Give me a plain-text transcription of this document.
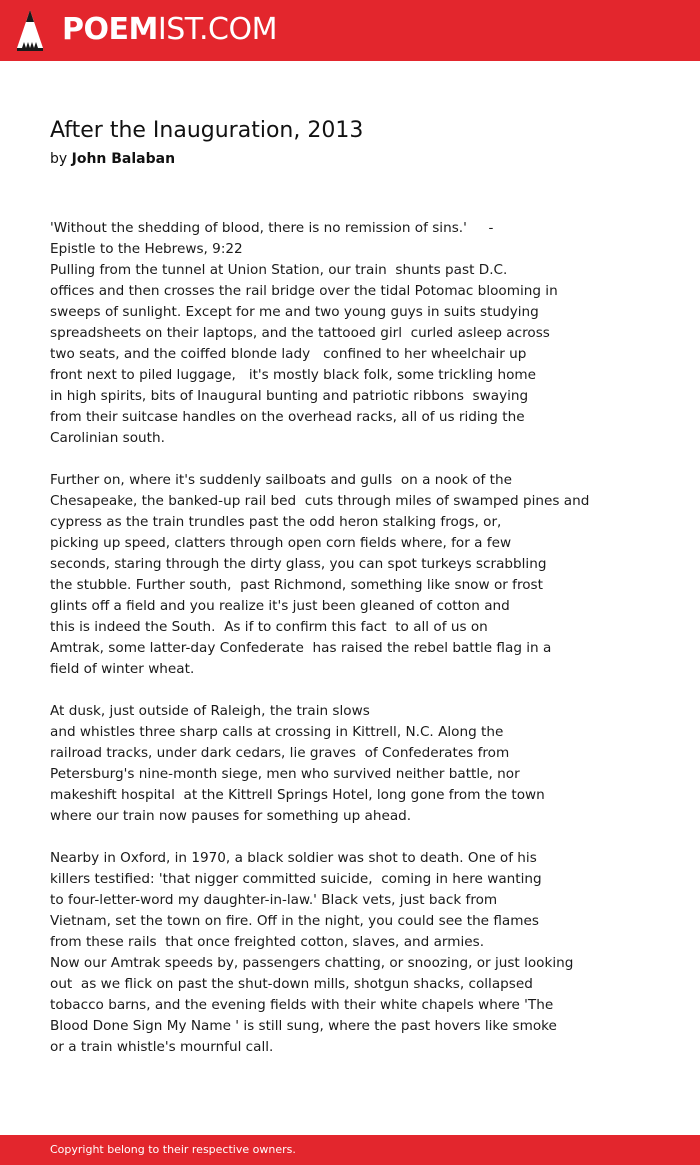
POEMIST.COM
After the Inauguration, 2013
by John Balaban
'Without the shedding of blood, there is no remission of sins.'     -
Epistle to the Hebrews, 9:22
Pulling from the tunnel at Union Station, our train  shunts past D.C.
offices and then crosses the rail bridge over the tidal Potomac blooming in
sweeps of sunlight. Except for me and two young guys in suits studying
spreadsheets on their laptops, and the tattooed girl  curled asleep across
two seats, and the coiffed blonde lady   confined to her wheelchair up
front next to piled luggage,   it's mostly black folk, some trickling home
in high spirits, bits of Inaugural bunting and patriotic ribbons  swaying
from their suitcase handles on the overhead racks, all of us riding the
Carolinian south.
Further on, where it's suddenly sailboats and gulls  on a nook of the
Chesapeake, the banked-up rail bed  cuts through miles of swamped pines and
cypress as the train trundles past the odd heron stalking frogs, or,
picking up speed, clatters through open corn fields where, for a few
seconds, staring through the dirty glass, you can spot turkeys scrabbling
the stubble. Further south,  past Richmond, something like snow or frost
glints off a field and you realize it's just been gleaned of cotton and
this is indeed the South.  As if to confirm this fact  to all of us on
Amtrak, some latter-day Confederate  has raised the rebel battle flag in a
field of winter wheat.
At dusk, just outside of Raleigh, the train slows
and whistles three sharp calls at crossing in Kittrell, N.C. Along the
railroad tracks, under dark cedars, lie graves  of Confederates from
Petersburg's nine-month siege, men who survived neither battle, nor
makeshift hospital  at the Kittrell Springs Hotel, long gone from the town
where our train now pauses for something up ahead.
Nearby in Oxford, in 1970, a black soldier was shot to death. One of his
killers testified: 'that nigger committed suicide,  coming in here wanting
to four-letter-word my daughter-in-law.' Black vets, just back from
Vietnam, set the town on fire. Off in the night, you could see the flames
from these rails  that once freighted cotton, slaves, and armies.
Now our Amtrak speeds by, passengers chatting, or snoozing, or just looking
out  as we flick on past the shut-down mills, shotgun shacks, collapsed
tobacco barns, and the evening fields with their white chapels where 'The
Blood Done Sign My Name ' is still sung, where the past hovers like smoke
or a train whistle's mournful call.
Copyright belong to their respective owners.
